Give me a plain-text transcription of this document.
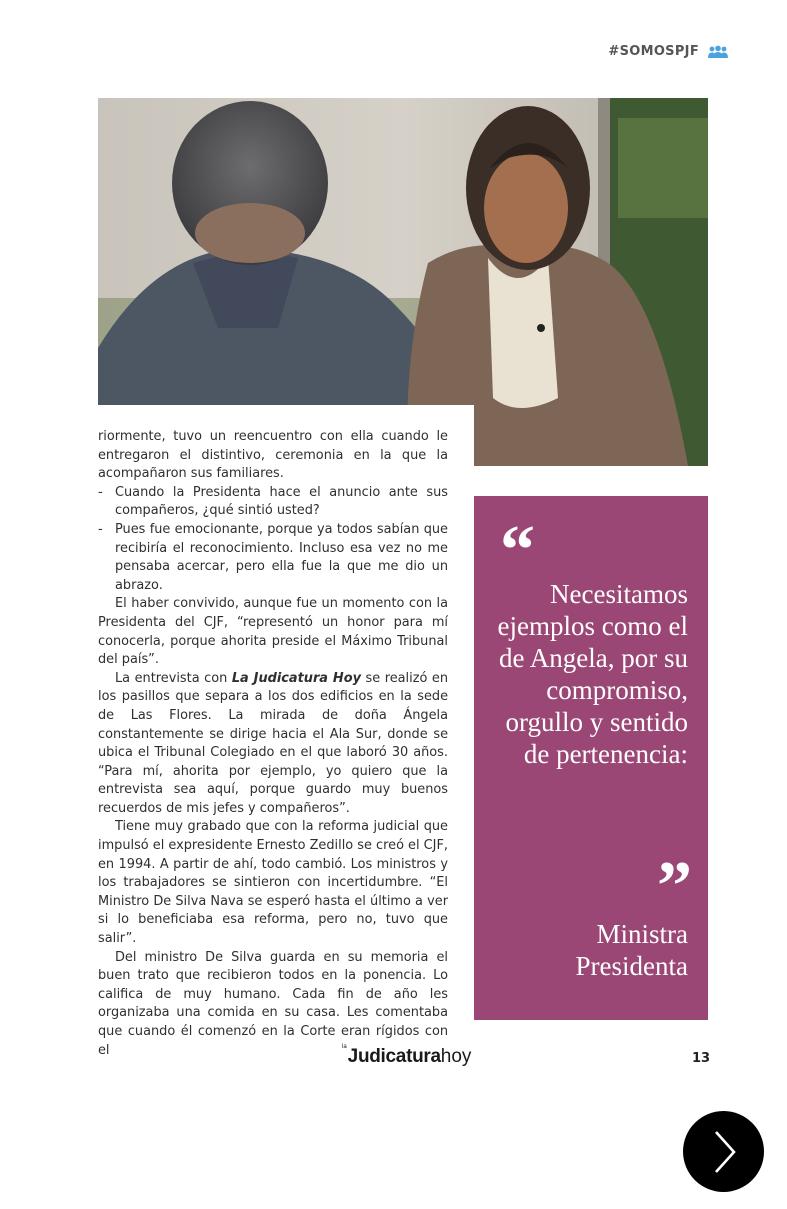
#SOMOSPJF

riormente, tuvo un reencuentro con ella cuando le entregaron el distintivo, ceremonia en la que la acompañaron sus familiares.

- Cuando la Presidenta hace el anuncio ante sus compañeros, ¿qué sintió usted?
- Pues fue emocionante, porque ya todos sabían que recibiría el reconocimiento. Incluso esa vez no me pensaba acercar, pero ella fue la que me dio un abrazo.

El haber convivido, aunque fue un momento con la Presidenta del CJF, “representó un honor para mí conocerla, porque ahorita preside el Máximo Tribunal del país”.

La entrevista con La Judicatura Hoy se realizó en los pasillos que separa a los dos edificios en la sede de Las Flores. La mirada de doña Ángela constantemente se dirige hacia el Ala Sur, donde se ubica el Tribunal Colegiado en el que laboró 30 años. “Para mí, ahorita por ejemplo, yo quiero que la entrevista sea aquí, porque guardo muy buenos recuerdos de mis jefes y compañeros”.

Tiene muy grabado que con la reforma judicial que impulsó el expresidente Ernesto Zedillo se creó el CJF, en 1994. A partir de ahí, todo cambió. Los ministros y los trabajadores se sintieron con incertidumbre. “El Ministro De Silva Nava se esperó hasta el último a ver si lo beneficiaba esa reforma, pero no, tuvo que salir”.

Del ministro De Silva guarda en su memoria el buen trato que recibieron todos en la ponencia. Lo califica de muy humano. Cada fin de año les organizaba una comida en su casa. Les comentaba que cuando él comenzó en la Corte eran rígidos con el

“
Necesitamos ejemplos como el de Angela, por su compromiso, orgullo y sentido de pertenencia:
”
Ministra Presidenta
la Judicatura hoy	13
